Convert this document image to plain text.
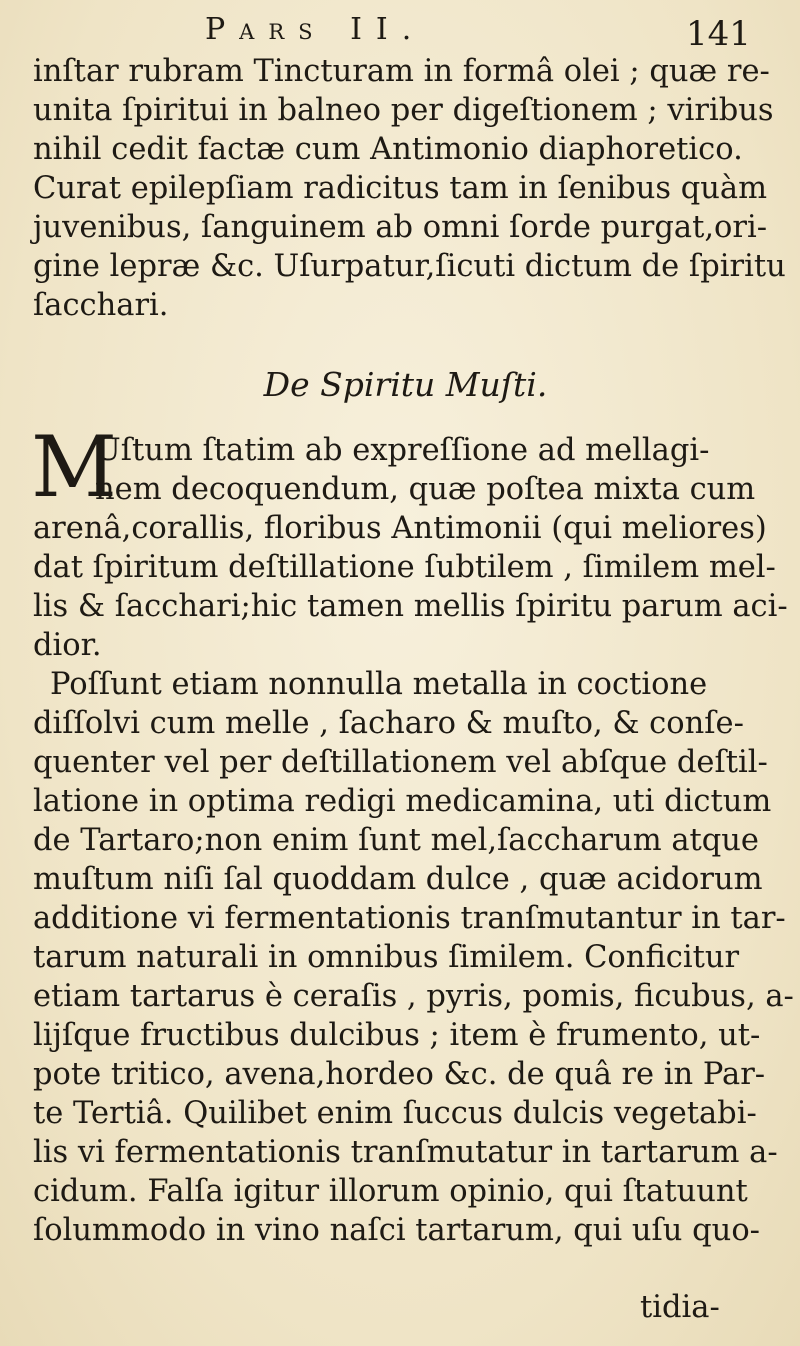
Pars II.	141
inſtar rubram Tincturam in formâ olei ; quæ re-
unita ſpiritui in balneo per digeſtionem ; viribus
nihil cedit factæ cum Antimonio diaphoretico.
Curat epilepſiam radicitus tam in ſenibus quàm
juvenibus, ſanguinem ab omni ſorde purgat,ori-
gine lepræ &c. Uſurpatur,ſicuti dictum de ſpiritu
ſacchari.
De Spiritu Muſti.
M
Uſtum ſtatim ab expreſſione ad mellagi-
nem decoquendum, quæ poſtea mixta cum
arenâ,corallis, floribus Antimonii (qui meliores)
dat ſpiritum deſtillatione ſubtilem , ſimilem mel-
lis & ſacchari;hic tamen mellis ſpiritu parum aci-
dior.
Poſſunt etiam nonnulla metalla in coctione
diſſolvi cum melle , ſacharo & muſto, & conſe-
quenter vel per deſtillationem vel abſque deſtil-
latione in optima redigi medicamina, uti dictum
de Tartaro;non enim ſunt mel,ſaccharum atque
muſtum niſi ſal quoddam dulce , quæ acidorum
additione vi fermentationis tranſmutantur in tar-
tarum naturali in omnibus ſimilem. Conficitur
etiam tartarus è ceraſis , pyris, pomis, ficubus, a-
lijſque fructibus dulcibus ; item è frumento, ut-
pote tritico, avena,hordeo &c. de quâ re in Par-
te Tertiâ. Quilibet enim ſuccus dulcis vegetabi-
lis vi fermentationis tranſmutatur in tartarum a-
cidum. Falſa igitur illorum opinio, qui ſtatuunt
ſolummodo in vino naſci tartarum, qui uſu quo-
tidia-
